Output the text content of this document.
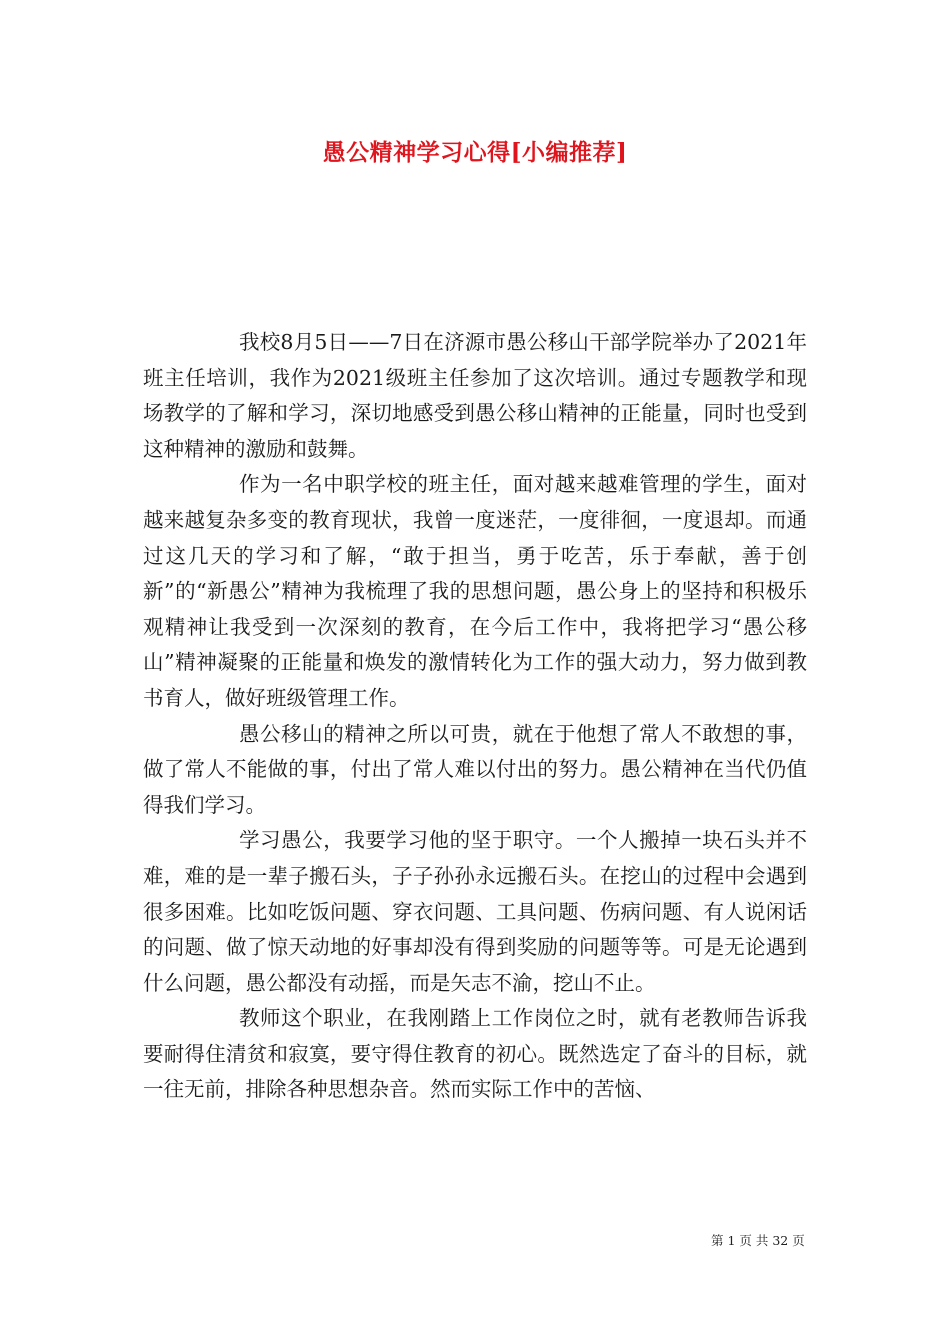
愚公精神学习心得[小编推荐]

我校8月5日——7日在济源市愚公移山干部学院举办了2021年班主任培训，我作为2021级班主任参加了这次培训。通过专题教学和现场教学的了解和学习，深切地感受到愚公移山精神的正能量，同时也受到这种精神的激励和鼓舞。

作为一名中职学校的班主任，面对越来越难管理的学生，面对越来越复杂多变的教育现状，我曾一度迷茫，一度徘徊，一度退却。而通过这几天的学习和了解，“敢于担当，勇于吃苦，乐于奉献，善于创新”的“新愚公”精神为我梳理了我的思想问题，愚公身上的坚持和积极乐观精神让我受到一次深刻的教育，在今后工作中，我将把学习“愚公移山”精神凝聚的正能量和焕发的激情转化为工作的强大动力，努力做到教书育人，做好班级管理工作。

愚公移山的精神之所以可贵，就在于他想了常人不敢想的事，做了常人不能做的事，付出了常人难以付出的努力。愚公精神在当代仍值得我们学习。

学习愚公，我要学习他的坚于职守。一个人搬掉一块石头并不难，难的是一辈子搬石头，子子孙孙永远搬石头。在挖山的过程中会遇到很多困难。比如吃饭问题、穿衣问题、工具问题、伤病问题、有人说闲话的问题、做了惊天动地的好事却没有得到奖励的问题等等。可是无论遇到什么问题，愚公都没有动摇，而是矢志不渝，挖山不止。

教师这个职业，在我刚踏上工作岗位之时，就有老教师告诉我要耐得住清贫和寂寞，要守得住教育的初心。既然选定了奋斗的目标，就一往无前，排除各种思想杂音。然而实际工作中的苦恼、

第 1 页 共 32 页
